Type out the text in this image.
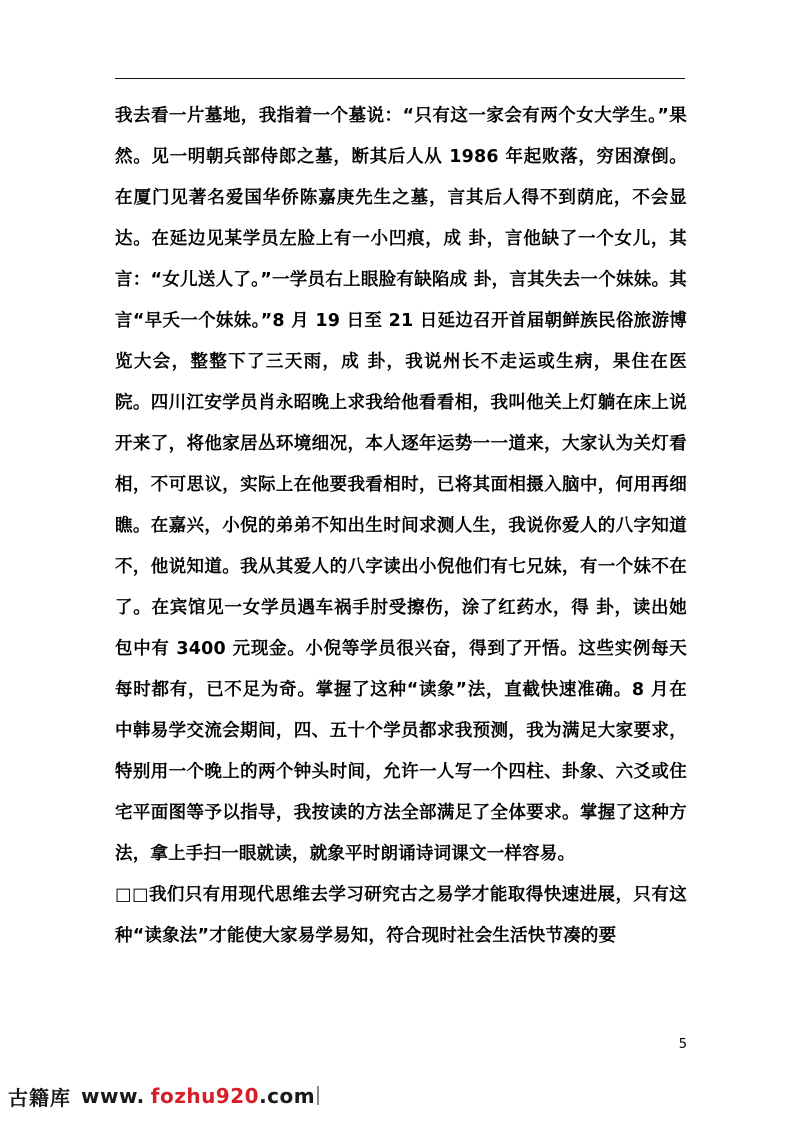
我去看一片墓地，我指着一个墓说：“只有这一家会有两个女大学生。”果然。见一明朝兵部侍郎之墓，断其后人从 1986 年起败落，穷困潦倒。在厦门见著名爱国华侨陈嘉庚先生之墓，言其后人得不到荫庇，不会显达。在延边见某学员左脸上有一小凹痕，成 卦，言他缺了一个女儿，其言：“女儿送人了。”一学员右上眼脸有缺陷成 卦，言其失去一个妹妹。其言“早夭一个妹妹。”8 月 19 日至 21 日延边召开首届朝鲜族民俗旅游博览大会，整整下了三天雨，成 卦，我说州长不走运或生病，果住在医院。四川江安学员肖永昭晚上求我给他看看相，我叫他关上灯躺在床上说开来了，将他家居丛环境细况，本人逐年运势一一道来，大家认为关灯看相，不可思议，实际上在他要我看相时，已将其面相摄入脑中，何用再细瞧。在嘉兴，小倪的弟弟不知出生时间求测人生，我说你爱人的八字知道不，他说知道。我从其爱人的八字读出小倪他们有七兄妹，有一个妹不在了。在宾馆见一女学员遇车祸手肘受擦伤，涂了红药水，得 卦，读出她包中有 3400 元现金。小倪等学员很兴奋，得到了开悟。这些实例每天每时都有，已不足为奇。掌握了这种“读象”法，直截快速准确。8 月在中韩易学交流会期间，四、五十个学员都求我预测，我为满足大家要求，特别用一个晚上的两个钟头时间，允许一人写一个四柱、卦象、六爻或住宅平面图等予以指导，我按读的方法全部满足了全体要求。掌握了这种方法，拿上手扫一眼就读，就象平时朗诵诗词课文一样容易。

□□我们只有用现代思维去学习研究古之易学才能取得快速进展，只有这种“读象法”才能使大家易学易知，符合现时社会生活快节凑的要

5
古籍库 www. fozhu920 .com
